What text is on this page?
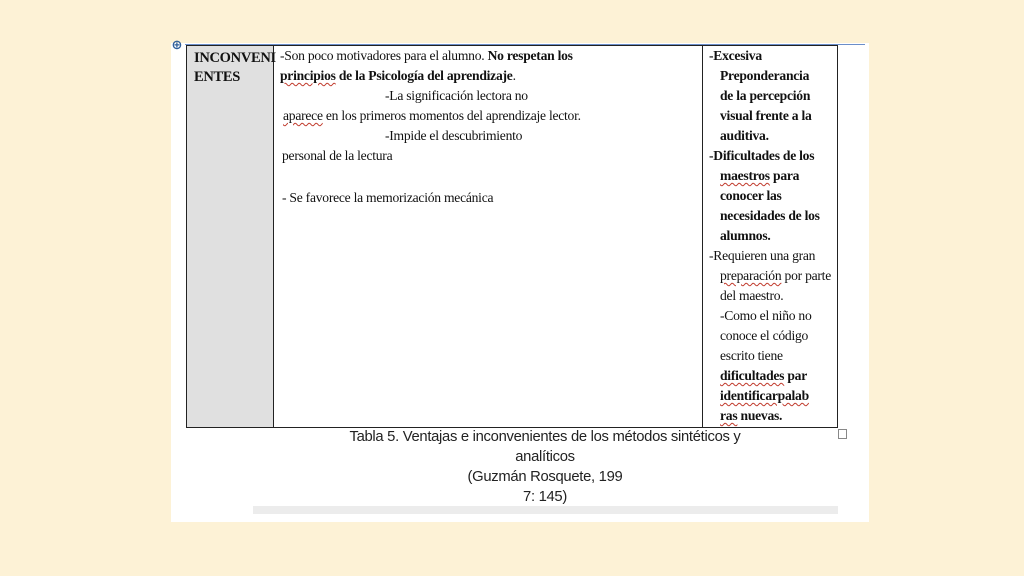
⊕
INCONVENI
ENTES
-Son poco motivadores para el alumno. No respetan los
principios de la Psicología del aprendizaje.
-La significación lectora no
aparece en los primeros momentos del aprendizaje lector.
-Impide el descubrimiento
personal de la lectura
- Se favorece la memorización mecánica
-Excesiva
Preponderancia
de la percepción
visual frente a la
auditiva.
-Dificultades de los
maestros para
conocer las
necesidades de los
alumnos.
-Requieren una gran
preparación por parte
del maestro.
-Como el niño no
conoce el código
escrito tiene
dificultades par
identificarpalab
ras nuevas.
Tabla 5. Ventajas e inconvenientes de los métodos sintéticos y
analíticos
(Guzmán Rosquete, 199
7: 145)
